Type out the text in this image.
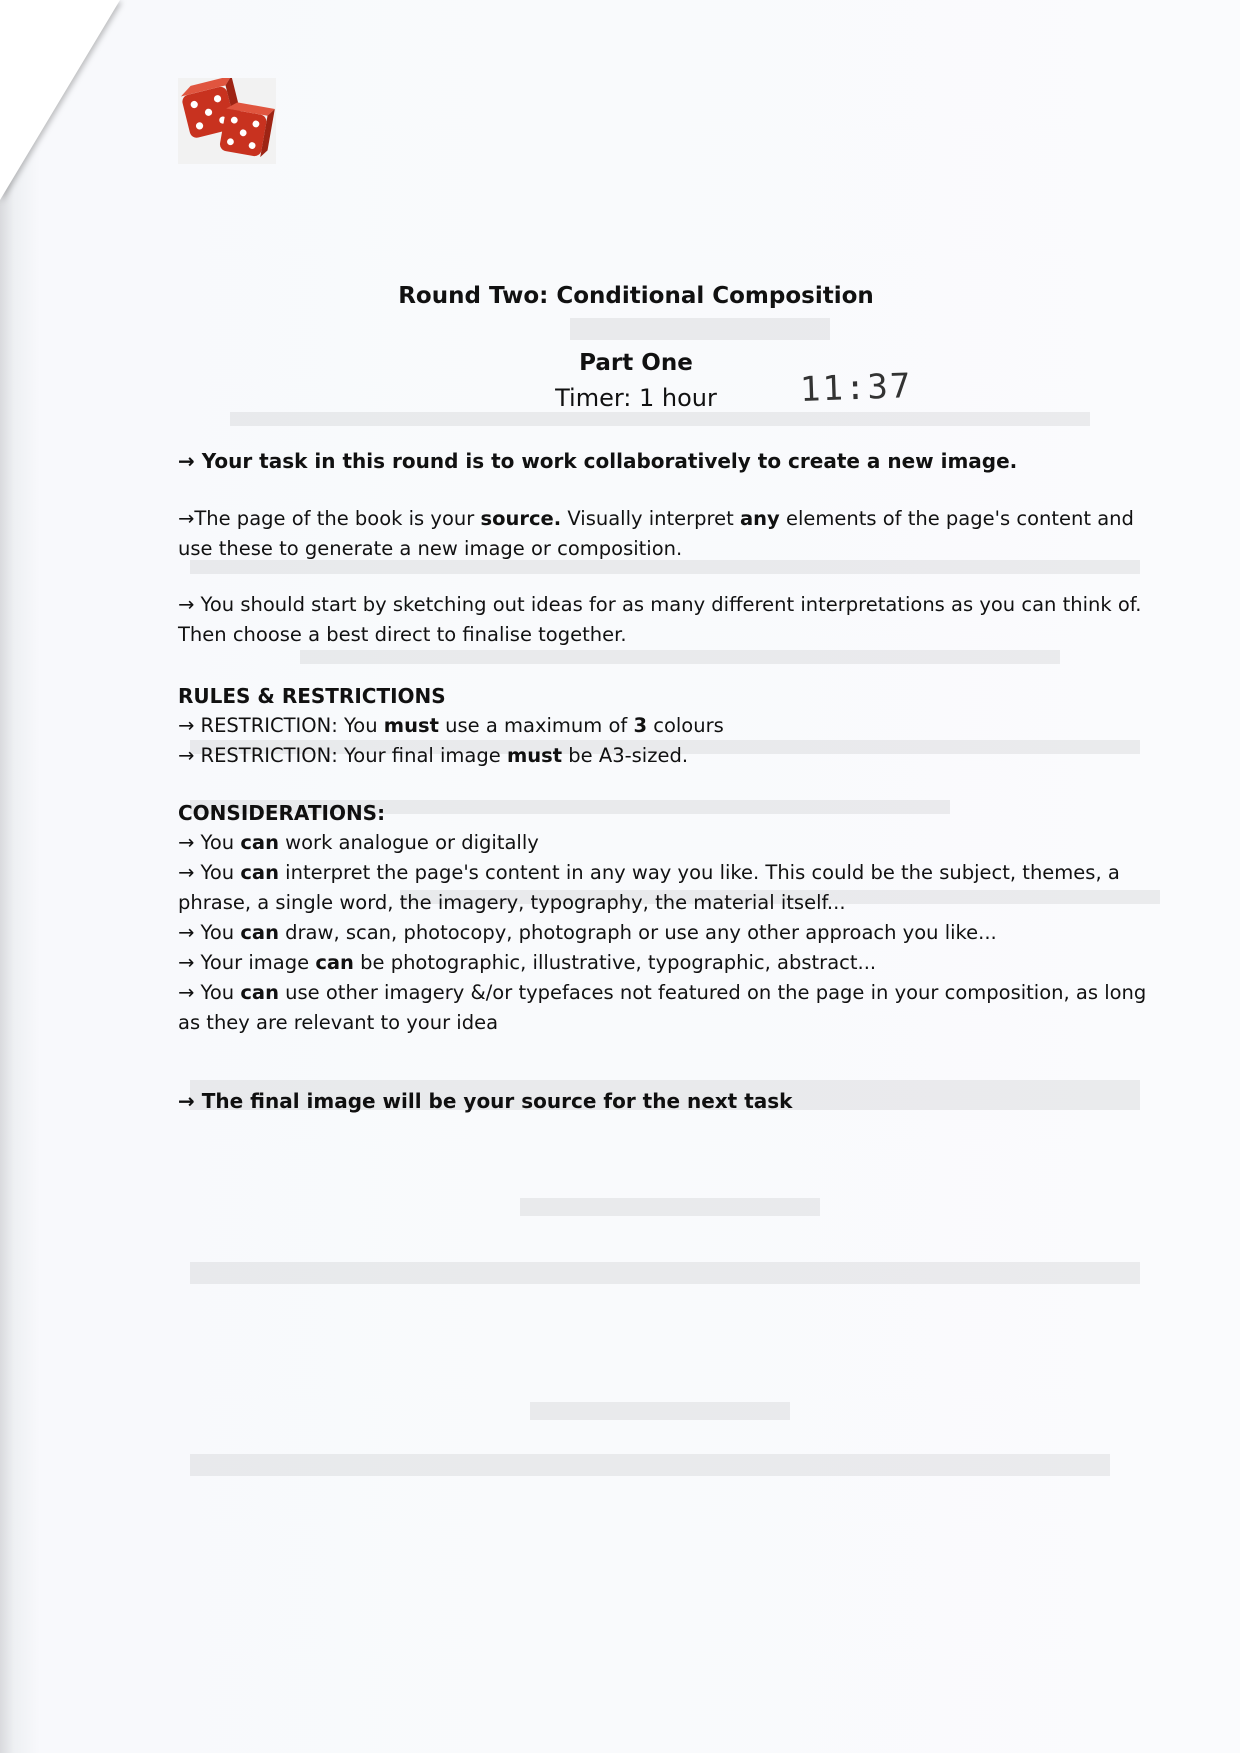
Round Two: Conditional Composition
Part One
Timer: 1 hour	11:37

→ Your task in this round is to work collaboratively to create a new image.

→The page of the book is your source. Visually interpret any elements of the page's content and use these to generate a new image or composition.

→ You should start by sketching out ideas for as many different interpretations as you can think of. Then choose a best direct to finalise together.

RULES & RESTRICTIONS

→ RESTRICTION: You must use a maximum of 3 colours

→ RESTRICTION: Your final image must be A3-sized.

CONSIDERATIONS:

→ You can work analogue or digitally

→ You can interpret the page's content in any way you like. This could be the subject, themes, a phrase, a single word, the imagery, typography, the material itself...

→ You can draw, scan, photocopy, photograph or use any other approach you like...

→ Your image can be photographic, illustrative, typographic, abstract...

→ You can use other imagery &/or typefaces not featured on the page in your composition, as long as they are relevant to your idea

→ The final image will be your source for the next task
